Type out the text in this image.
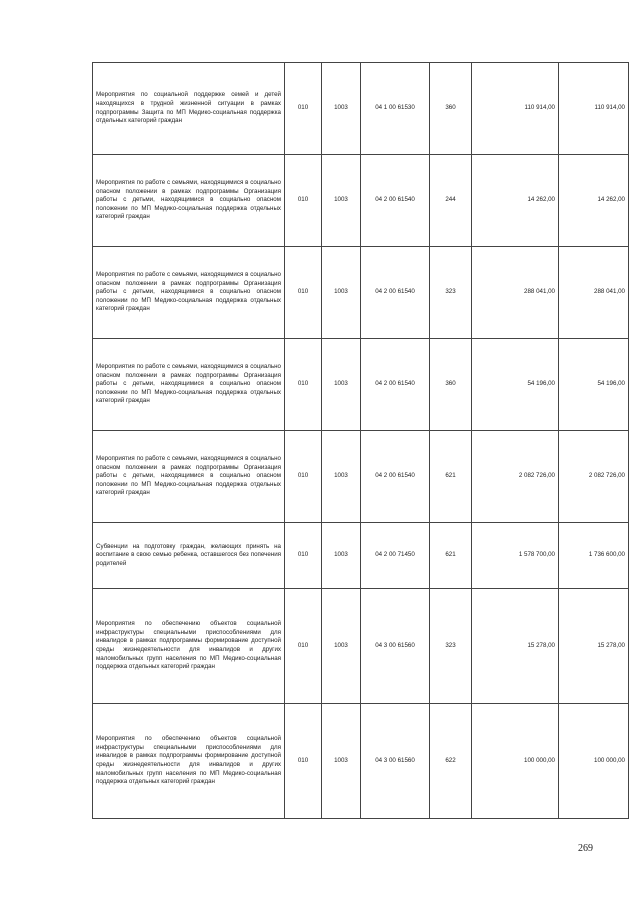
Мероприятия по социальной поддержке семей и детей находящихся в трудной жизненной ситуации в рамках подпрограммы Защита по МП Медико-социальная поддержка отдельных категорий граждан	010	1003	04 1 00 61530	360	110 914,00	110 914,00
Мероприятия по работе с семьями, находящимися в социально опасном положении в рамках подпрограммы Организация работы с детьми, находящимися в социально опасном положении по МП Медико-социальная поддержка отдельных категорий граждан	010	1003	04 2 00 61540	244	14 262,00	14 262,00
Мероприятия по работе с семьями, находящимися в социально опасном положении в рамках подпрограммы Организация работы с детьми, находящимися в социально опасном положении по МП Медико-социальная поддержка отдельных категорий граждан	010	1003	04 2 00 61540	323	288 041,00	288 041,00
Мероприятия по работе с семьями, находящимися в социально опасном положении в рамках подпрограммы Организация работы с детьми, находящимися в социально опасном положении по МП Медико-социальная поддержка отдельных категорий граждан	010	1003	04 2 00 61540	360	54 196,00	54 196,00
Мероприятия по работе с семьями, находящимися в социально опасном положении в рамках подпрограммы Организация работы с детьми, находящимися в социально опасном положении по МП Медико-социальная поддержка отдельных категорий граждан	010	1003	04 2 00 61540	621	2 082 726,00	2 082 726,00
Субвенции на подготовку граждан, желающих принять на воспитание в свою семью ребенка, оставшегося без попечения родителей	010	1003	04 2 00 71450	621	1 578 700,00	1 736 600,00
Мероприятия по обеспечению объектов социальной инфраструктуры специальными приспособлениями для инвалидов в рамках подпрограммы формирование доступной среды жизнедеятельности для инвалидов и других маломобильных групп населения по МП Медико-социальная поддержка отдельных категорий граждан	010	1003	04 3 00 61560	323	15 278,00	15 278,00
Мероприятия по обеспечению объектов социальной инфраструктуры специальными приспособлениями для инвалидов в рамках подпрограммы формирование доступной среды жизнедеятельности для инвалидов и других маломобильных групп населения по МП Медико-социальная поддержка отдельных категорий граждан	010	1003	04 3 00 61560	622	100 000,00	100 000,00
269
